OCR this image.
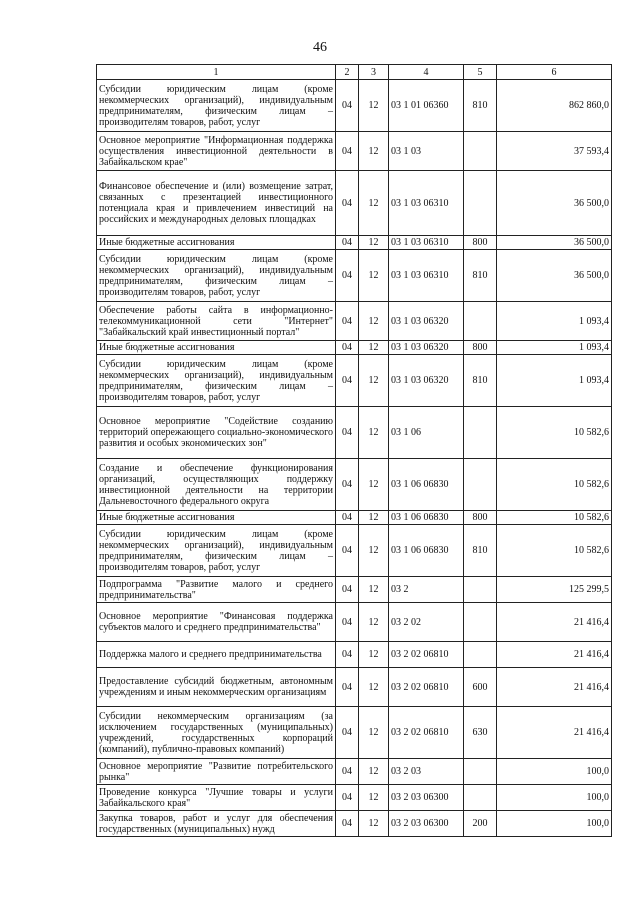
46
1	2	3	4	5	6
Субсидии юридическим лицам (кроме некоммерческих организаций), индивидуальным предпринимателям, физическим лицам – производителям товаров, работ, услуг	04	12	03 1 01 06360	810	862 860,0
Основное мероприятие "Информационная поддержка осуществления инвестиционной деятельности в Забайкальском крае"	04	12	03 1 03		37 593,4
Финансовое обеспечение и (или) возмещение затрат, связанных с презентацией инвестиционного потенциала края и привлечением инвестиций на российских и международных деловых площадках	04	12	03 1 03 06310		36 500,0
Иные бюджетные ассигнования	04	12	03 1 03 06310	800	36 500,0
Субсидии юридическим лицам (кроме некоммерческих организаций), индивидуальным предпринимателям, физическим лицам – производителям товаров, работ, услуг	04	12	03 1 03 06310	810	36 500,0
Обеспечение работы сайта в информационно-телекоммуникационной сети "Интернет" "Забайкальский край инвестиционный портал"	04	12	03 1 03 06320		1 093,4
Иные бюджетные ассигнования	04	12	03 1 03 06320	800	1 093,4
Субсидии юридическим лицам (кроме некоммерческих организаций), индивидуальным предпринимателям, физическим лицам – производителям товаров, работ, услуг	04	12	03 1 03 06320	810	1 093,4
Основное мероприятие "Содействие созданию территорий опережающего социально-экономического развития и особых экономических зон"	04	12	03 1 06		10 582,6
Создание и обеспечение функционирования организаций, осуществляющих поддержку инвестиционной деятельности на территории Дальневосточного федерального округа	04	12	03 1 06 06830		10 582,6
Иные бюджетные ассигнования	04	12	03 1 06 06830	800	10 582,6
Субсидии юридическим лицам (кроме некоммерческих организаций), индивидуальным предпринимателям, физическим лицам – производителям товаров, работ, услуг	04	12	03 1 06 06830	810	10 582,6
Подпрограмма "Развитие малого и среднего предпринимательства"	04	12	03 2		125 299,5
Основное мероприятие "Финансовая поддержка субъектов малого и среднего предпринимательства"	04	12	03 2 02		21 416,4
Поддержка малого и среднего предпринимательства	04	12	03 2 02 06810		21 416,4
Предоставление субсидий бюджетным, автономным учреждениям и иным некоммерческим организациям	04	12	03 2 02 06810	600	21 416,4
Субсидии некоммерческим организациям (за исключением государственных (муниципальных) учреждений, государственных корпораций (компаний), публично-правовых компаний)	04	12	03 2 02 06810	630	21 416,4
Основное мероприятие "Развитие потребительского рынка"	04	12	03 2 03		100,0
Проведение конкурса "Лучшие товары и услуги Забайкальского края"	04	12	03 2 03 06300		100,0
Закупка товаров, работ и услуг для обеспечения государственных (муниципальных) нужд	04	12	03 2 03 06300	200	100,0
